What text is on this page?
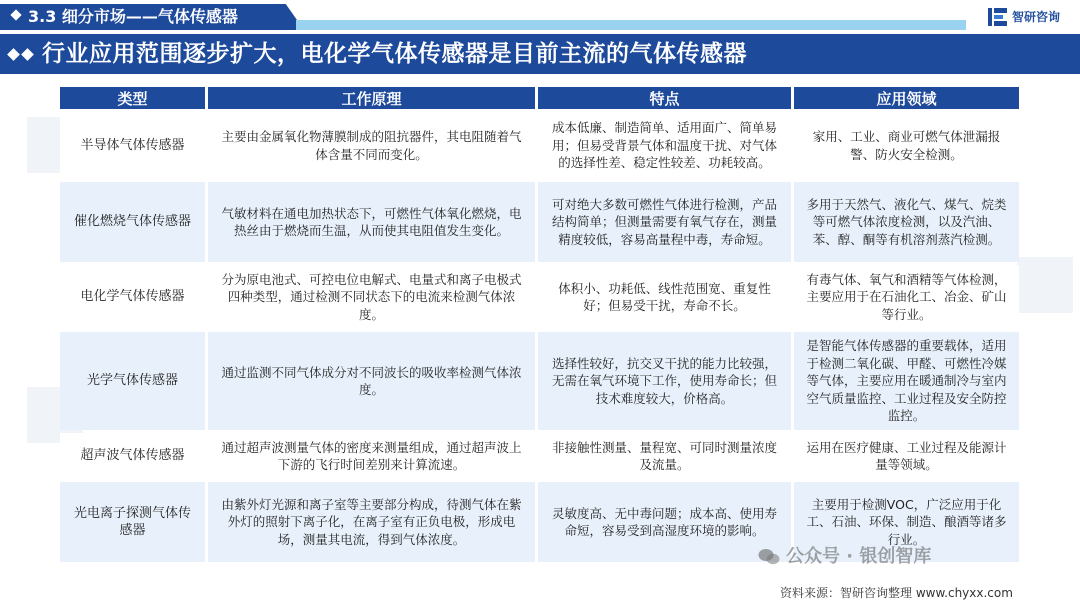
3.3 细分市场——气体传感器	智研咨询
行业应用范围逐步扩大，电化学气体传感器是目前主流的气体传感器
类型	工作原理	特点	应用领域
半导体气体传感器	主要由金属氧化物薄膜制成的阻抗器件，其电阻随着气体含量不同而变化。	成本低廉、制造简单、适用面广、简单易用；但易受背景气体和温度干扰、对气体的选择性差、稳定性较差、功耗较高。	家用、工业、商业可燃气体泄漏报警、防火安全检测。
催化燃烧气体传感器	气敏材料在通电加热状态下，可燃性气体氧化燃烧，电热丝由于燃烧而生温，从而使其电阻值发生变化。	可对绝大多数可燃性气体进行检测，产品结构简单；但测量需要有氧气存在，测量精度较低，容易高量程中毒，寿命短。	多用于天然气、液化气、煤气、烷类等可燃气体浓度检测，以及汽油、苯、醇、酮等有机溶剂蒸汽检测。
电化学气体传感器	分为原电池式、可控电位电解式、电量式和离子电极式四种类型，通过检测不同状态下的电流来检测气体浓度。	体积小、功耗低、线性范围宽、重复性好；但易受干扰，寿命不长。	有毒气体、氧气和酒精等气体检测，主要应用于在石油化工、冶金、矿山等行业。
光学气体传感器	通过监测不同气体成分对不同波长的吸收率检测气体浓度。	选择性较好，抗交叉干扰的能力比较强，无需在氧气环境下工作，使用寿命长；但技术难度较大，价格高。	是智能气体传感器的重要载体，适用于检测二氧化碳、甲醛、可燃性冷媒等气体，主要应用在暖通制冷与室内空气质量监控、工业过程及安全防控监控。
超声波气体传感器	通过超声波测量气体的密度来测量组成，通过超声波上下游的飞行时间差别来计算流速。	非接触性测量、量程宽、可同时测量浓度及流量。	运用在医疗健康、工业过程及能源计量等领域。
光电离子探测气体传感器	由紫外灯光源和离子室等主要部分构成，待测气体在紫外灯的照射下离子化，在离子室有正负电极，形成电场，测量其电流，得到气体浓度。	灵敏度高、无中毒问题；成本高、使用寿命短，容易受到高湿度环境的影响。	主要用于检测VOC，广泛应用于化工、石油、环保、制造、酿酒等诸多行业。
公众号 · 银创智库
资料来源：智研咨询整理 www.chyxx.com
